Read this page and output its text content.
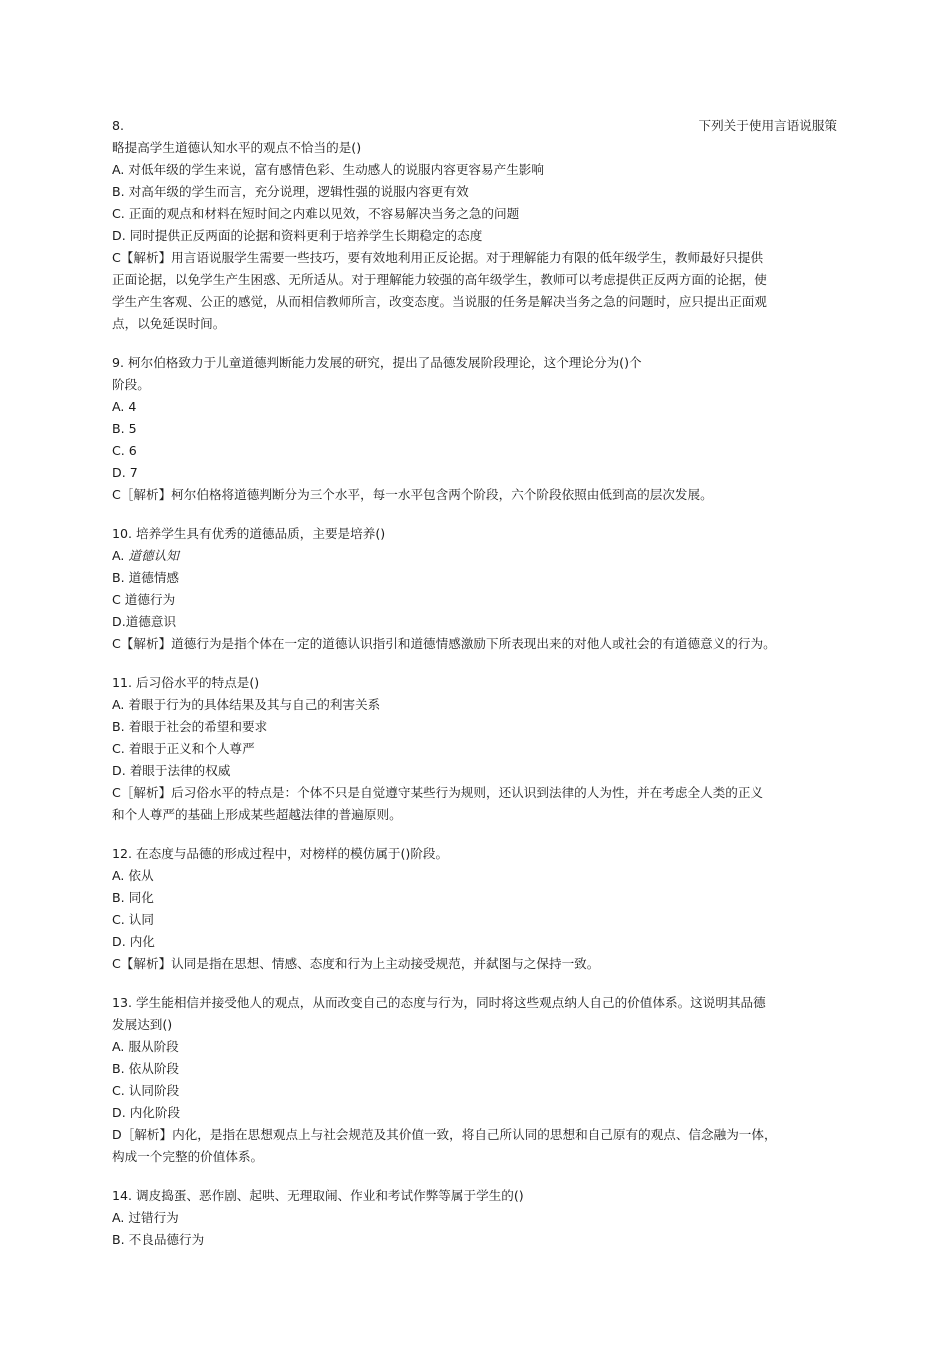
8.	下列关于使用言语说服策
略提高学生道德认知水平的观点不恰当的是()
A. 对低年级的学生来说，富有感情色彩、生动感人的说服内容更容易产生影响
B. 对高年级的学生而言，充分说理，逻辑性强的说服内容更有效
C. 正面的观点和材料在短时间之内难以见效，不容易解决当务之急的问题
D. 同时提供正反两面的论据和资料更利于培养学生长期稳定的态度
C【解析】用言语说服学生需要一些技巧，要有效地利用正反论据。对于理解能力有限的低年级学生，教师最好只提供
正面论据，以免学生产生困惑、无所适从。对于理解能力较强的高年级学生，教师可以考虑提供正反两方面的论据，使
学生产生客观、公正的感觉，从而相信教师所言，改变态度。当说服的任务是解决当务之急的问题时，应只提出正面观
点，以免延误时间。
9. 柯尔伯格致力于儿童道德判断能力发展的研究，提出了品德发展阶段理论，这个理论分为()个
阶段。
A. 4
B. 5
C. 6
D. 7
C［解析】柯尔伯格将道德判断分为三个水平，每一水平包含两个阶段，六个阶段依照由低到高的层次发展。
10. 培养学生具有优秀的道德品质，主要是培养()
A. 道德认知
B. 道德情感
C 道德行为
D.道德意识
C【解析】道德行为是指个体在一定的道德认识指引和道德情感激励下所表现出来的对他人或社会的有道德意义的行为。
11. 后习俗水平的特点是()
A. 着眼于行为的具体结果及其与自己的利害关系
B. 着眼于社会的希望和要求
C. 着眼于正义和个人尊严
D. 着眼于法律的权威
C［解析】后习俗水平的特点是：个体不只是自觉遵守某些行为规则，还认识到法律的人为性，并在考虑全人类的正义
和个人尊严的基础上形成某些超越法律的普遍原则。
12. 在态度与品德的形成过程中，对榜样的模仿属于()阶段。
A. 依从
B. 同化
C. 认同
D. 内化
C【解析】认同是指在思想、情感、态度和行为上主动接受规范，并弑图与之保持一致。
13. 学生能相信并接受他人的观点，从而改变自己的态度与行为，同时将这些观点纳人自己的价值体系。这说明其品德
发展达到()
A. 服从阶段
B. 依从阶段
C. 认同阶段
D. 内化阶段
D［解析】内化，是指在思想观点上与社会规范及其价值一致，将自己所认同的思想和自己原有的观点、信念融为一体，
构成一个完整的价值体系。
14. 调皮捣蛋、恶作剧、起哄、无理取闹、作业和考试作弊等属于学生的()
A. 过错行为
B. 不良品德行为
